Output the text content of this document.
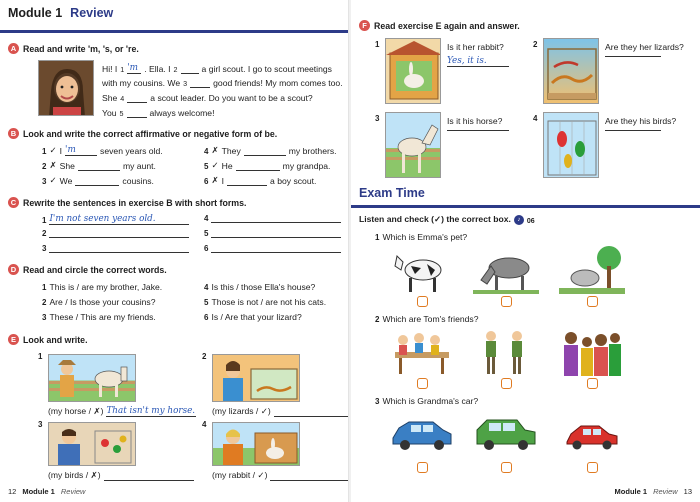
Module 1 Review
A Read and write 'm, 's, or 're.
Hi! I 1 'm . Ella. I 2	a girl scout. I go to scout meetings
with my cousins. We 3	good friends! My mom comes too.
She 4	a scout leader. Do you want to be a scout?
You 5	always welcome!
B Look and write the correct affirmative or negative form of be.
1 ✓ I 'm	seven years old.
2 ✗ She	my aunt.
3 ✓ We	cousins.
4 ✗ They	my brothers.
5 ✓ He	my grandpa.
6 ✗ I	a boy scout.
C Rewrite the sentences in exercise B with short forms.
1 I'm not seven years old.
2
3
4
5
6
D Read and circle the correct words.
1 This is / are my brother, Jake.
2 Are / Is those your cousins?
3 These / This are my friends.
4 Is this / those Ella's house?
5 Those is not / are not his cats.
6 Is / Are that your lizard?
E Look and write.
1
(my horse / ✗) That isn't my horse.
2
(my lizards / ✓)
3
(my birds / ✗)
4
(my rabbit / ✓)
12 Module 1 Review
F Read exercise E again and answer.
1	Is it her rabbit?
Yes, it is.
2	Are they her lizards?
3	Is it his horse?	4	Are they his birds?
Exam Time
Listen and check (✓) the correct box.	♪ 06
1 Which is Emma's pet?
2 Which are Tom's friends?
3 Which is Grandma's car?
Module 1 Review 13
